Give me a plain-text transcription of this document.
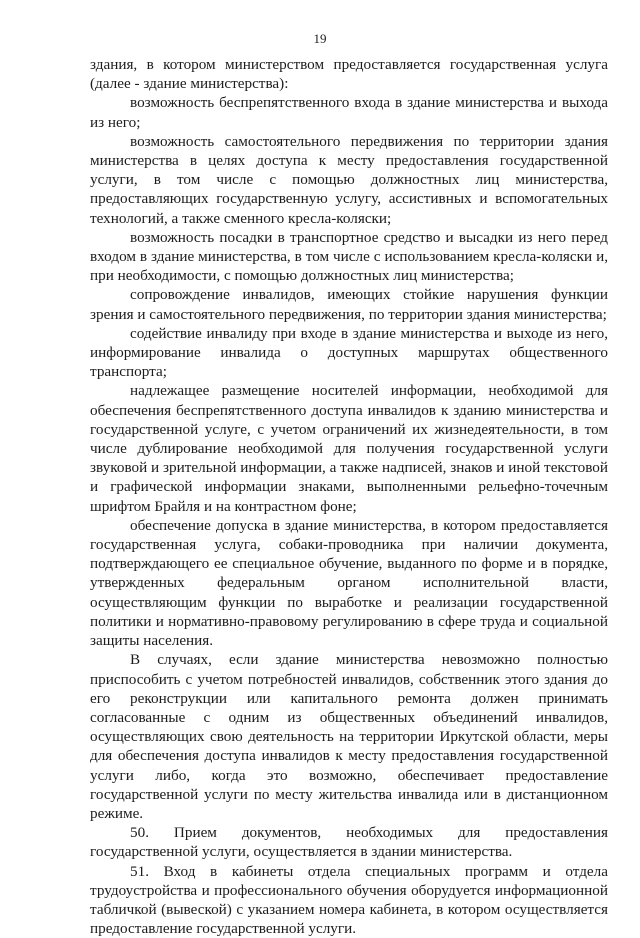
19

здания, в котором министерством предоставляется государственная услуга (далее - здание министерства):

возможность беспрепятственного входа в здание министерства и выхода из него;

возможность самостоятельного передвижения по территории здания министерства в целях доступа к месту предоставления государственной услуги, в том числе с помощью должностных лиц министерства, предоставляющих государственную услугу, ассистивных и вспомогательных технологий, а также сменного кресла-коляски;

возможность посадки в транспортное средство и высадки из него перед входом в здание министерства, в том числе с использованием кресла-коляски и, при необходимости, с помощью должностных лиц министерства;

сопровождение инвалидов, имеющих стойкие нарушения функции зрения и самостоятельного передвижения, по территории здания министерства;

содействие инвалиду при входе в здание министерства и выходе из него, информирование инвалида о доступных маршрутах общественного транспорта;

надлежащее размещение носителей информации, необходимой для обеспечения беспрепятственного доступа инвалидов к зданию министерства и государственной услуге, с учетом ограничений их жизнедеятельности, в том числе дублирование необходимой для получения государственной услуги звуковой и зрительной информации, а также надписей, знаков и иной текстовой и графической информации знаками, выполненными рельефно-точечным шрифтом Брайля и на контрастном фоне;

обеспечение допуска в здание министерства, в котором предоставляется государственная услуга, собаки-проводника при наличии документа, подтверждающего ее специальное обучение, выданного по форме и в порядке, утвержденных федеральным органом исполнительной власти, осуществляющим функции по выработке и реализации государственной политики и нормативно-правовому регулированию в сфере труда и социальной защиты населения.

В случаях, если здание министерства невозможно полностью приспособить с учетом потребностей инвалидов, собственник этого здания до его реконструкции или капитального ремонта должен принимать согласованные с одним из общественных объединений инвалидов, осуществляющих свою деятельность на территории Иркутской области, меры для обеспечения доступа инвалидов к месту предоставления государственной услуги либо, когда это возможно, обеспечивает предоставление государственной услуги по месту жительства инвалида или в дистанционном режиме.

50. Прием документов, необходимых для предоставления государственной услуги, осуществляется в здании министерства.

51. Вход в кабинеты отдела специальных программ и отдела трудоустройства и профессионального обучения оборудуется информационной табличкой (вывеской) с указанием номера кабинета, в котором осуществляется предоставление государственной услуги.
